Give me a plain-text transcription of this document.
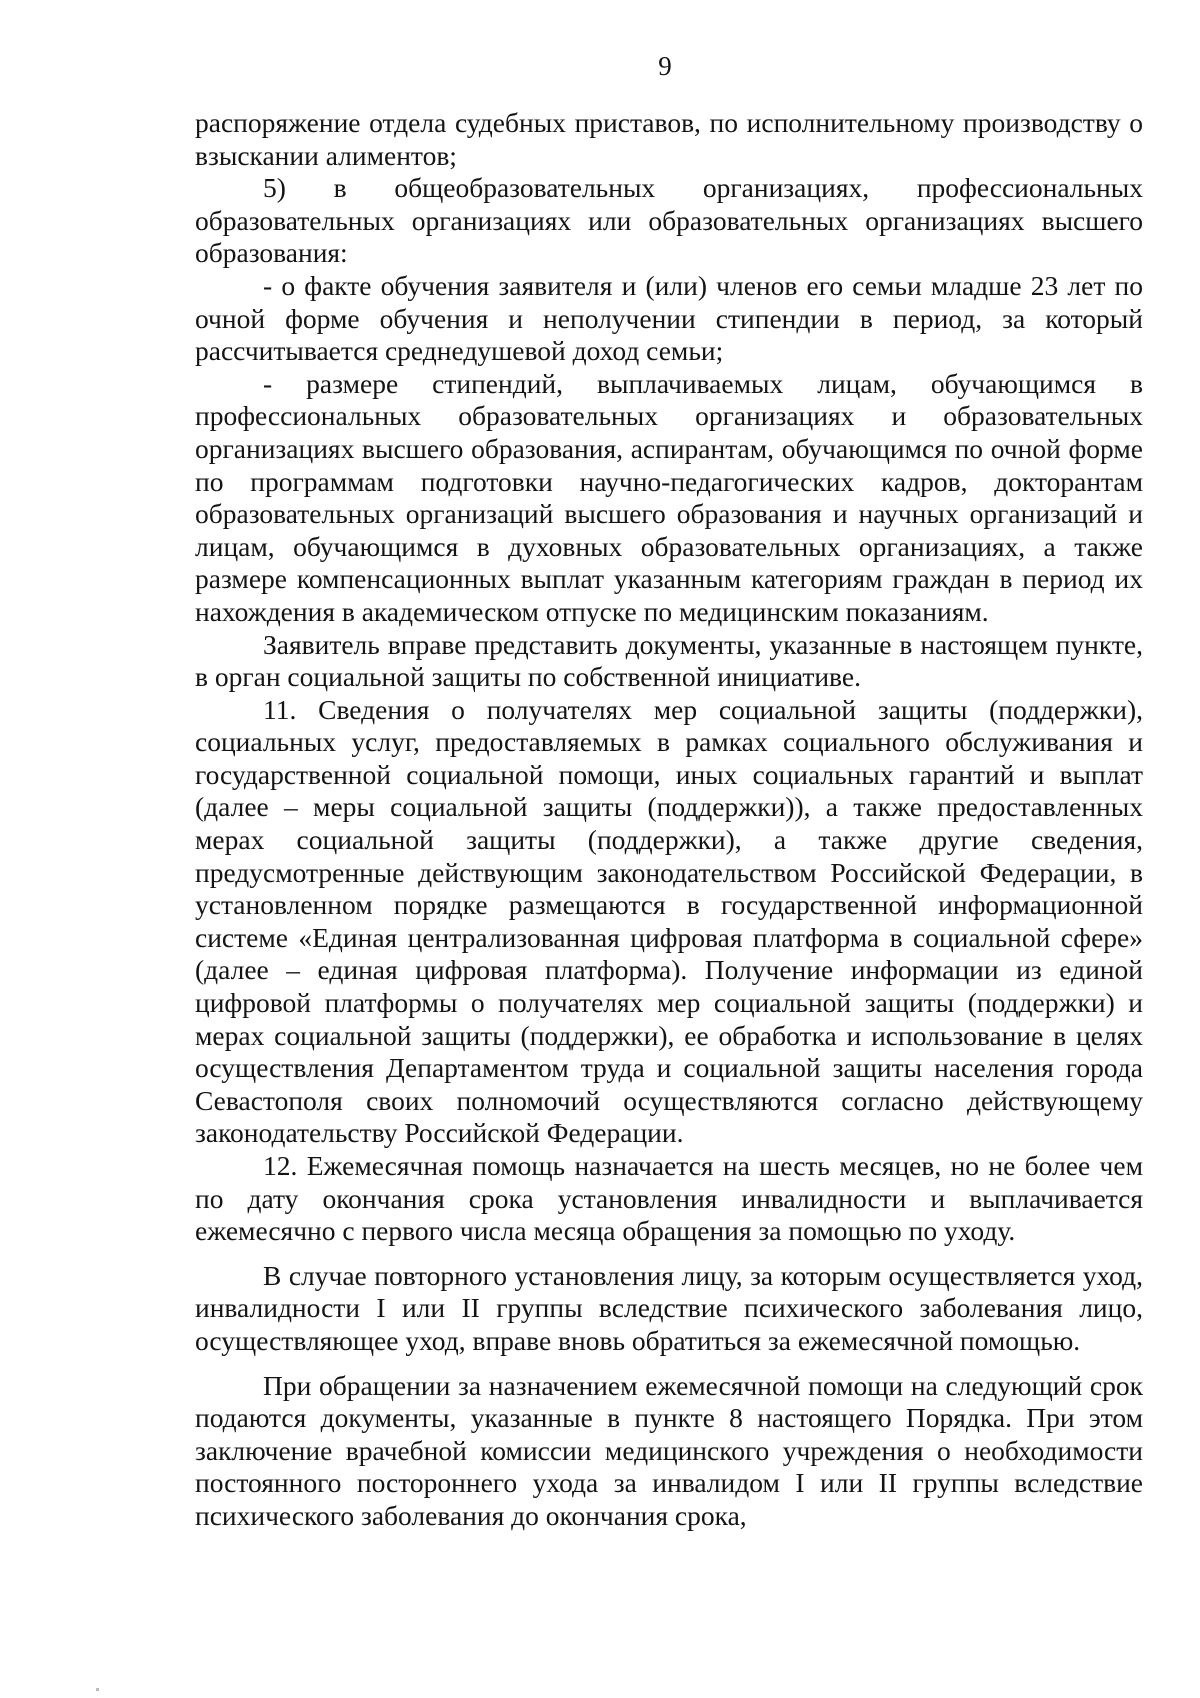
9

распоряжение отдела судебных приставов, по исполнительному производству о взыскании алиментов;

5) в общеобразовательных организациях, профессиональных образовательных организациях или образовательных организациях высшего образования:

- о факте обучения заявителя и (или) членов его семьи младше 23 лет по очной форме обучения и неполучении стипендии в период, за который рассчитывается среднедушевой доход семьи;

- размере стипендий, выплачиваемых лицам, обучающимся в профессиональных образовательных организациях и образовательных организациях высшего образования, аспирантам, обучающимся по очной форме по программам подготовки научно-педагогических кадров, докторантам образовательных организаций высшего образования и научных организаций и лицам, обучающимся в духовных образовательных организациях, а также размере компенсационных выплат указанным категориям граждан в период их нахождения в академическом отпуске по медицинским показаниям.

Заявитель вправе представить документы, указанные в настоящем пункте, в орган социальной защиты по собственной инициативе.

11. Сведения о получателях мер социальной защиты (поддержки), социальных услуг, предоставляемых в рамках социального обслуживания и государственной социальной помощи, иных социальных гарантий и выплат (далее – меры социальной защиты (поддержки)), а также предоставленных мерах социальной защиты (поддержки), а также другие сведения, предусмотренные действующим законодательством Российской Федерации, в установленном порядке размещаются в государственной информационной системе «Единая централизованная цифровая платформа в социальной сфере» (далее – единая цифровая платформа). Получение информации из единой цифровой платформы о получателях мер социальной защиты (поддержки) и мерах социальной защиты (поддержки), ее обработка и использование в целях осуществления Департаментом труда и социальной защиты населения города Севастополя своих полномочий осуществляются согласно действующему законодательству Российской Федерации.

12. Ежемесячная помощь назначается на шесть месяцев, но не более чем по дату окончания срока установления инвалидности и выплачивается ежемесячно с первого числа месяца обращения за помощью по уходу.

В случае повторного установления лицу, за которым осуществляется уход, инвалидности I или II группы вследствие психического заболевания лицо, осуществляющее уход, вправе вновь обратиться за ежемесячной помощью.

При обращении за назначением ежемесячной помощи на следующий срок подаются документы, указанные в пункте 8 настоящего Порядка. При этом заключение врачебной комиссии медицинского учреждения о необходимости постоянного постороннего ухода за инвалидом I или II группы вследствие психического заболевания до окончания срока,
